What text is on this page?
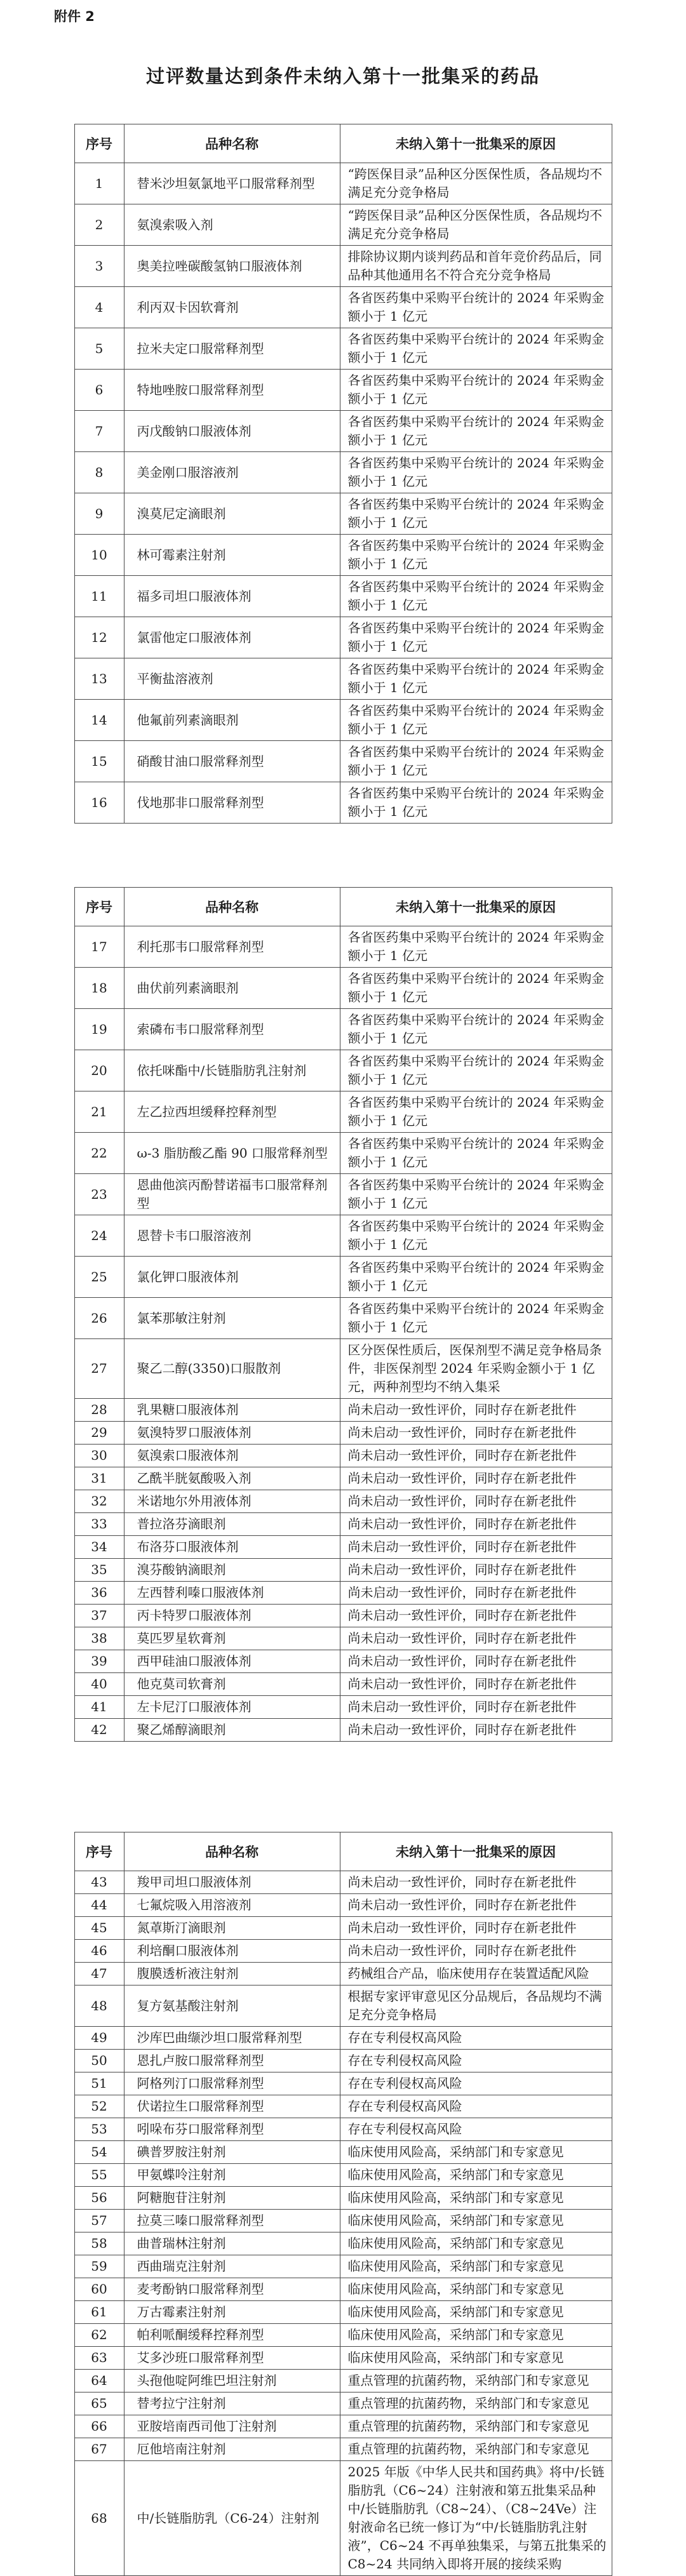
附件 2
过评数量达到条件未纳入第十一批集采的药品
序号	品种名称	未纳入第十一批集采的原因
1	替米沙坦氨氯地平口服常释剂型	“跨医保目录”品种区分医保性质，各品规均不满足充分竞争格局
2	氨溴索吸入剂	“跨医保目录”品种区分医保性质，各品规均不满足充分竞争格局
3	奥美拉唑碳酸氢钠口服液体剂	排除协议期内谈判药品和首年竞价药品后，同品种其他通用名不符合充分竞争格局
4	利丙双卡因软膏剂	各省医药集中采购平台统计的 2024 年采购金额小于 1 亿元
5	拉米夫定口服常释剂型	各省医药集中采购平台统计的 2024 年采购金额小于 1 亿元
6	特地唑胺口服常释剂型	各省医药集中采购平台统计的 2024 年采购金额小于 1 亿元
7	丙戊酸钠口服液体剂	各省医药集中采购平台统计的 2024 年采购金额小于 1 亿元
8	美金刚口服溶液剂	各省医药集中采购平台统计的 2024 年采购金额小于 1 亿元
9	溴莫尼定滴眼剂	各省医药集中采购平台统计的 2024 年采购金额小于 1 亿元
10	林可霉素注射剂	各省医药集中采购平台统计的 2024 年采购金额小于 1 亿元
11	福多司坦口服液体剂	各省医药集中采购平台统计的 2024 年采购金额小于 1 亿元
12	氯雷他定口服液体剂	各省医药集中采购平台统计的 2024 年采购金额小于 1 亿元
13	平衡盐溶液剂	各省医药集中采购平台统计的 2024 年采购金额小于 1 亿元
14	他氟前列素滴眼剂	各省医药集中采购平台统计的 2024 年采购金额小于 1 亿元
15	硝酸甘油口服常释剂型	各省医药集中采购平台统计的 2024 年采购金额小于 1 亿元
16	伐地那非口服常释剂型	各省医药集中采购平台统计的 2024 年采购金额小于 1 亿元
序号	品种名称	未纳入第十一批集采的原因
17	利托那韦口服常释剂型	各省医药集中采购平台统计的 2024 年采购金额小于 1 亿元
18	曲伏前列素滴眼剂	各省医药集中采购平台统计的 2024 年采购金额小于 1 亿元
19	索磷布韦口服常释剂型	各省医药集中采购平台统计的 2024 年采购金额小于 1 亿元
20	依托咪酯中/长链脂肪乳注射剂	各省医药集中采购平台统计的 2024 年采购金额小于 1 亿元
21	左乙拉西坦缓释控释剂型	各省医药集中采购平台统计的 2024 年采购金额小于 1 亿元
22	ω-3 脂肪酸乙酯 90 口服常释剂型	各省医药集中采购平台统计的 2024 年采购金额小于 1 亿元
23	恩曲他滨丙酚替诺福韦口服常释剂型	各省医药集中采购平台统计的 2024 年采购金额小于 1 亿元
24	恩替卡韦口服溶液剂	各省医药集中采购平台统计的 2024 年采购金额小于 1 亿元
25	氯化钾口服液体剂	各省医药集中采购平台统计的 2024 年采购金额小于 1 亿元
26	氯苯那敏注射剂	各省医药集中采购平台统计的 2024 年采购金额小于 1 亿元
27	聚乙二醇(3350)口服散剂	区分医保性质后，医保剂型不满足竞争格局条件，非医保剂型 2024 年采购金额小于 1 亿元，两种剂型均不纳入集采
28	乳果糖口服液体剂	尚未启动一致性评价，同时存在新老批件
29	氨溴特罗口服液体剂	尚未启动一致性评价，同时存在新老批件
30	氨溴索口服液体剂	尚未启动一致性评价，同时存在新老批件
31	乙酰半胱氨酸吸入剂	尚未启动一致性评价，同时存在新老批件
32	米诺地尔外用液体剂	尚未启动一致性评价，同时存在新老批件
33	普拉洛芬滴眼剂	尚未启动一致性评价，同时存在新老批件
34	布洛芬口服液体剂	尚未启动一致性评价，同时存在新老批件
35	溴芬酸钠滴眼剂	尚未启动一致性评价，同时存在新老批件
36	左西替利嗪口服液体剂	尚未启动一致性评价，同时存在新老批件
37	丙卡特罗口服液体剂	尚未启动一致性评价，同时存在新老批件
38	莫匹罗星软膏剂	尚未启动一致性评价，同时存在新老批件
39	西甲硅油口服液体剂	尚未启动一致性评价，同时存在新老批件
40	他克莫司软膏剂	尚未启动一致性评价，同时存在新老批件
41	左卡尼汀口服液体剂	尚未启动一致性评价，同时存在新老批件
42	聚乙烯醇滴眼剂	尚未启动一致性评价，同时存在新老批件
序号	品种名称	未纳入第十一批集采的原因
43	羧甲司坦口服液体剂	尚未启动一致性评价，同时存在新老批件
44	七氟烷吸入用溶液剂	尚未启动一致性评价，同时存在新老批件
45	氮䓬斯汀滴眼剂	尚未启动一致性评价，同时存在新老批件
46	利培酮口服液体剂	尚未启动一致性评价，同时存在新老批件
47	腹膜透析液注射剂	药械组合产品，临床使用存在装置适配风险
48	复方氨基酸注射剂	根据专家评审意见区分品规后，各品规均不满足充分竞争格局
49	沙库巴曲缬沙坦口服常释剂型	存在专利侵权高风险
50	恩扎卢胺口服常释剂型	存在专利侵权高风险
51	阿格列汀口服常释剂型	存在专利侵权高风险
52	伏诺拉生口服常释剂型	存在专利侵权高风险
53	吲哚布芬口服常释剂型	存在专利侵权高风险
54	碘普罗胺注射剂	临床使用风险高，采纳部门和专家意见
55	甲氨蝶呤注射剂	临床使用风险高，采纳部门和专家意见
56	阿糖胞苷注射剂	临床使用风险高，采纳部门和专家意见
57	拉莫三嗪口服常释剂型	临床使用风险高，采纳部门和专家意见
58	曲普瑞林注射剂	临床使用风险高，采纳部门和专家意见
59	西曲瑞克注射剂	临床使用风险高，采纳部门和专家意见
60	麦考酚钠口服常释剂型	临床使用风险高，采纳部门和专家意见
61	万古霉素注射剂	临床使用风险高，采纳部门和专家意见
62	帕利哌酮缓释控释剂型	临床使用风险高，采纳部门和专家意见
63	艾多沙班口服常释剂型	临床使用风险高，采纳部门和专家意见
64	头孢他啶阿维巴坦注射剂	重点管理的抗菌药物，采纳部门和专家意见
65	替考拉宁注射剂	重点管理的抗菌药物，采纳部门和专家意见
66	亚胺培南西司他丁注射剂	重点管理的抗菌药物，采纳部门和专家意见
67	厄他培南注射剂	重点管理的抗菌药物，采纳部门和专家意见
68	中/长链脂肪乳（C6-24）注射剂	2025 年版《中华人民共和国药典》将中/长链脂肪乳（C6~24）注射液和第五批集采品种中/长链脂肪乳（C8~24）、（C8~24Ve）注射液命名已统一修订为“中/长链脂肪乳注射液”，C6~24 不再单独集采，与第五批集采的 C8~24 共同纳入即将开展的接续采购
